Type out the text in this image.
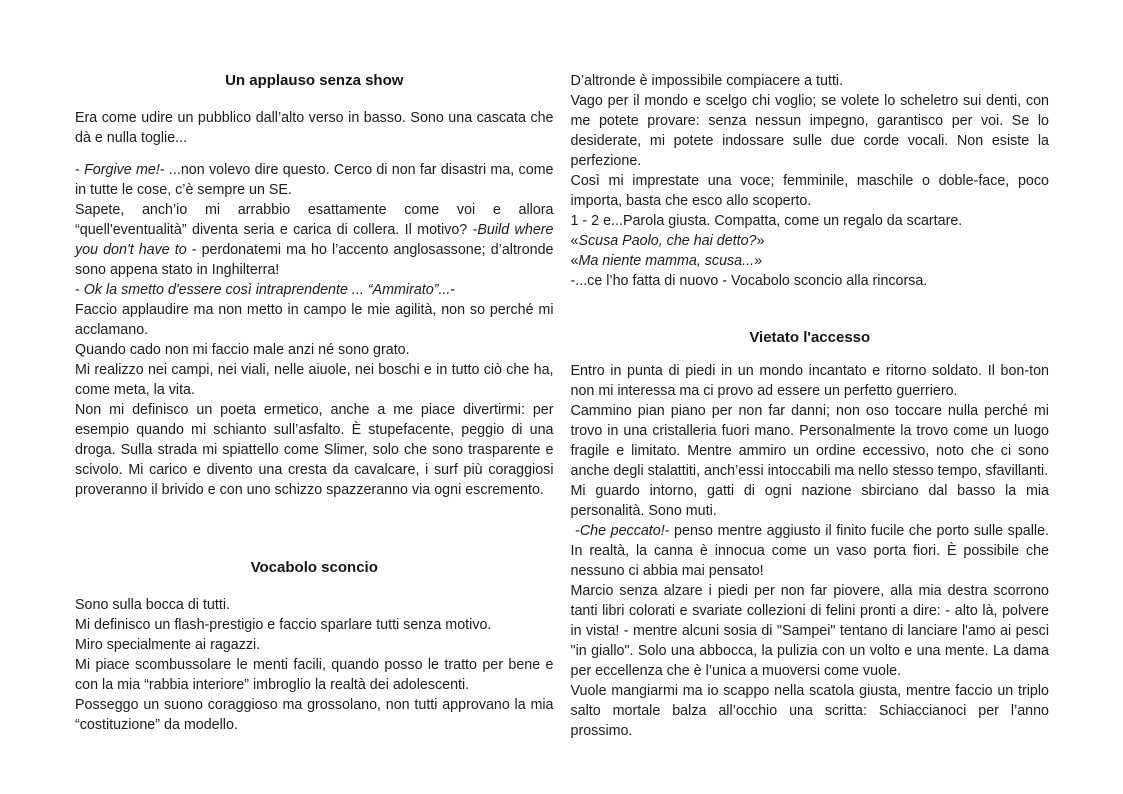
Un applauso senza show

Era come udire un pubblico dall’alto verso in basso. Sono una cascata che dà e nulla toglie...

- Forgive me!- ...non volevo dire questo. Cerco di non far disastri ma, come in tutte le cose, c’è sempre un SE.

Sapete, anch’io mi arrabbio esattamente come voi e allora “quell'eventualità” diventa seria e carica di collera. Il motivo? -Build where you don't have to - perdonatemi ma ho l’accento anglosassone; d’altronde sono appena stato in Inghilterra!

- Ok la smetto d'essere così intraprendente ... “Ammirato”...-

Faccio applaudire ma non metto in campo le mie agilità, non so perché mi acclamano.

Quando cado non mi faccio male anzi né sono grato.

Mi realizzo nei campi, nei viali, nelle aiuole, nei boschi e in tutto ciò che ha, come meta, la vita.

Non mi definisco un poeta ermetico, anche a me piace divertirmi: per esempio quando mi schianto sull’asfalto. È stupefacente, peggio di una droga. Sulla strada mi spiattello come Slimer, solo che sono trasparente e scivolo. Mi carico e divento una cresta da cavalcare, i surf più coraggiosi proveranno il brivido e con uno schizzo spazzeranno via ogni escremento.

Vocabolo sconcio

Sono sulla bocca di tutti.

Mi definisco un flash-prestigio e faccio sparlare tutti senza motivo.

Miro specialmente ai ragazzi.

Mi piace scombussolare le menti facili, quando posso le tratto per bene e con la mia “rabbia interiore” imbroglio la realtà dei adolescenti.

Posseggo un suono coraggioso ma grossolano, non tutti approvano la mia “costituzione” da modello.

D’altronde è impossibile compiacere a tutti.

Vago per il mondo e scelgo chi voglio; se volete lo scheletro sui denti, con me potete provare: senza nessun impegno, garantisco per voi. Se lo desiderate, mi potete indossare sulle due corde vocali. Non esiste la perfezione.

Così mi imprestate una voce; femminile, maschile o doble-face, poco importa, basta che esco allo scoperto.

1 - 2 e...Parola giusta. Compatta, come un regalo da scartare.

«Scusa Paolo, che hai detto?»

«Ma niente mamma, scusa...»

-...ce l’ho fatta di nuovo - Vocabolo sconcio alla rincorsa.

Vietato l'accesso

Entro in punta di piedi in un mondo incantato e ritorno soldato. Il bon-ton non mi interessa ma ci provo ad essere un perfetto guerriero.

Cammino pian piano per non far danni; non oso toccare nulla perché mi trovo in una cristalleria fuori mano. Personalmente la trovo come un luogo fragile e limitato. Mentre ammiro un ordine eccessivo, noto che ci sono anche degli stalattiti, anch’essi intoccabili ma nello stesso tempo, sfavillanti.

Mi guardo intorno, gatti di ogni nazione sbirciano dal basso la mia personalità. Sono muti.

-Che peccato!- penso mentre aggiusto il finito fucile che porto sulle spalle. In realtà, la canna è innocua come un vaso porta fiori. È possibile che nessuno ci abbia mai pensato!

Marcio senza alzare i piedi per non far piovere, alla mia destra scorrono tanti libri colorati e svariate collezioni di felini pronti a dire: - alto là, polvere in vista! - mentre alcuni sosia di "Sampei" tentano di lanciare l'amo ai pesci "in giallo". Solo una abbocca, la pulizia con un volto e una mente. La dama per eccellenza che è l’unica a muoversi come vuole.

Vuole mangiarmi ma io scappo nella scatola giusta, mentre faccio un triplo salto mortale balza all’occhio una scritta: Schiaccianoci per l’anno prossimo.
